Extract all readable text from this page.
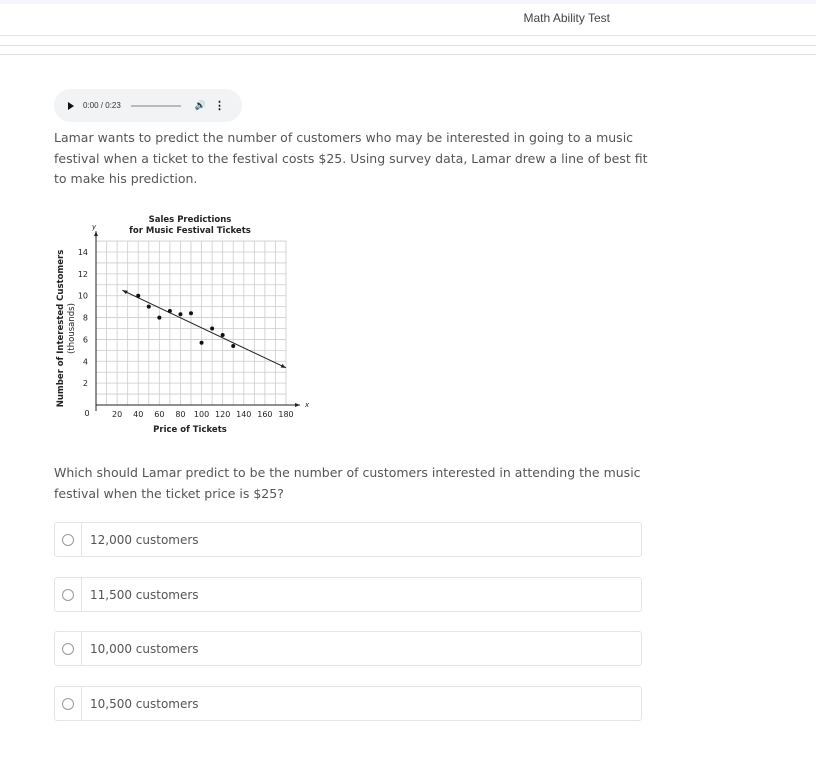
Math Ability Test
0:00 / 0:23	🔊 ⋮
Lamar wants to predict the number of customers who may be interested in going to a music festival when a ticket to the festival costs $25. Using survey data, Lamar drew a line of best fit to make his prediction.
20 40 60 80 100 120 140 160 180
2
4
6
8
10
12
14
0
x
y
Sales Predictions
for Music Festival Tickets
Price of Tickets
Number of Interested Customers (thousands)
Which should Lamar predict to be the number of customers interested in attending the music festival when the ticket price is $25?
12,000 customers
11,500 customers
10,000 customers
10,500 customers
